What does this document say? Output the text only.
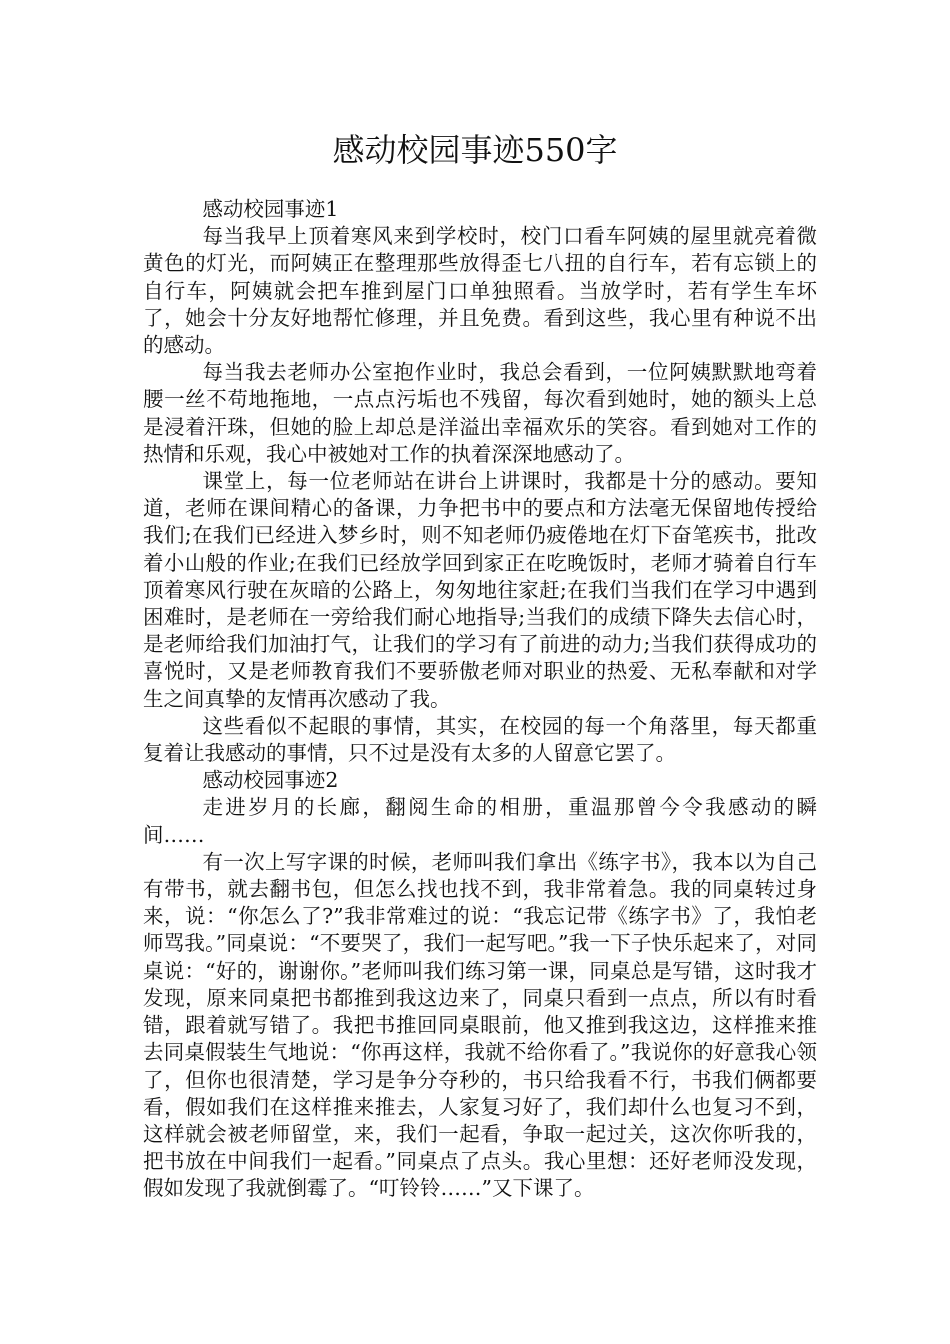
感动校园事迹550字

感动校园事迹1

每当我早上顶着寒风来到学校时，校门口看车阿姨的屋里就亮着微黄色的灯光，而阿姨正在整理那些放得歪七八扭的自行车，若有忘锁上的自行车，阿姨就会把车推到屋门口单独照看。当放学时，若有学生车坏了，她会十分友好地帮忙修理，并且免费。看到这些，我心里有种说不出的感动。

每当我去老师办公室抱作业时，我总会看到，一位阿姨默默地弯着腰一丝不苟地拖地，一点点污垢也不残留，每次看到她时，她的额头上总是浸着汗珠，但她的脸上却总是洋溢出幸福欢乐的笑容。看到她对工作的热情和乐观，我心中被她对工作的执着深深地感动了。

课堂上，每一位老师站在讲台上讲课时，我都是十分的感动。要知道，老师在课间精心的备课，力争把书中的要点和方法毫无保留地传授给我们;在我们已经进入梦乡时，则不知老师仍疲倦地在灯下奋笔疾书，批改着小山般的作业;在我们已经放学回到家正在吃晚饭时，老师才骑着自行车顶着寒风行驶在灰暗的公路上，匆匆地往家赶;在我们当我们在学习中遇到困难时，是老师在一旁给我们耐心地指导;当我们的成绩下降失去信心时，是老师给我们加油打气，让我们的学习有了前进的动力;当我们获得成功的喜悦时，又是老师教育我们不要骄傲老师对职业的热爱、无私奉献和对学生之间真挚的友情再次感动了我。

这些看似不起眼的事情，其实，在校园的每一个角落里，每天都重复着让我感动的事情，只不过是没有太多的人留意它罢了。

感动校园事迹2

走进岁月的长廊，翻阅生命的相册，重温那曾今令我感动的瞬间……

有一次上写字课的时候，老师叫我们拿出《练字书》，我本以为自己有带书，就去翻书包，但怎么找也找不到，我非常着急。我的同桌转过身来，说：“你怎么了?”我非常难过的说：“我忘记带《练字书》了，我怕老师骂我。”同桌说：“不要哭了，我们一起写吧。”我一下子快乐起来了，对同桌说：“好的，谢谢你。”老师叫我们练习第一课，同桌总是写错，这时我才发现，原来同桌把书都推到我这边来了，同桌只看到一点点，所以有时看错，跟着就写错了。我把书推回同桌眼前，他又推到我这边，这样推来推去同桌假装生气地说：“你再这样，我就不给你看了。”我说你的好意我心领了，但你也很清楚，学习是争分夺秒的，书只给我看不行，书我们俩都要看，假如我们在这样推来推去，人家复习好了，我们却什么也复习不到，这样就会被老师留堂，来，我们一起看，争取一起过关，这次你听我的，把书放在中间我们一起看。”同桌点了点头。我心里想：还好老师没发现，假如发现了我就倒霉了。“叮铃铃……”又下课了。
